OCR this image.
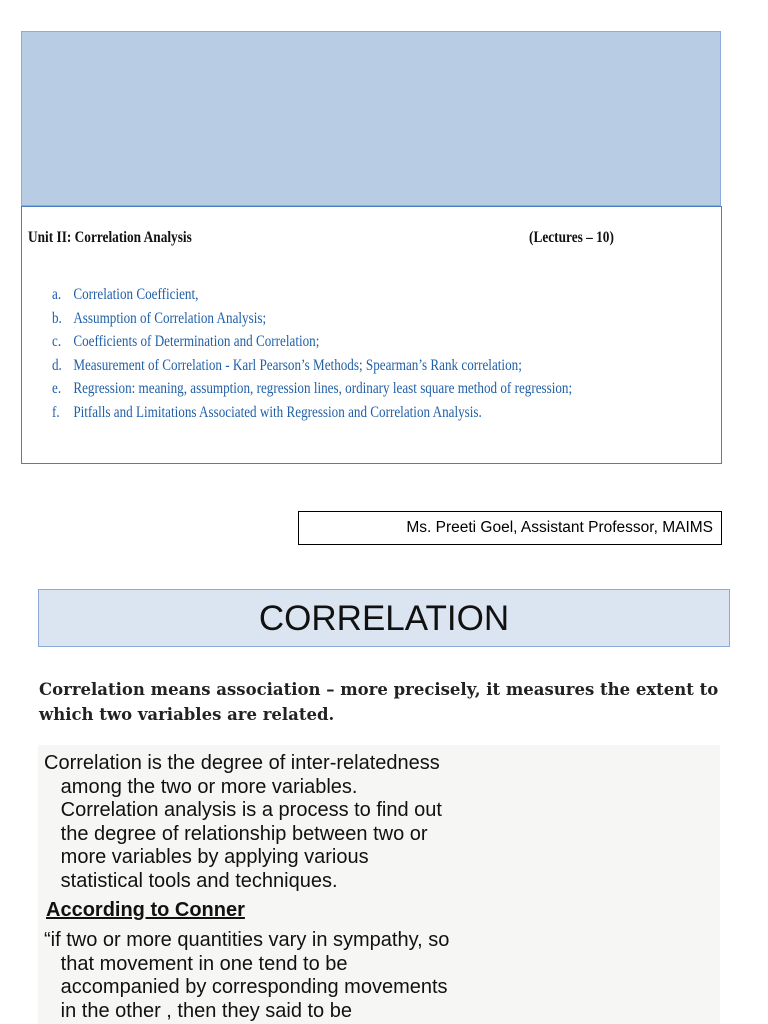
Unit II: Correlation Analysis	(Lectures – 10)
a. Correlation Coefficient,
b. Assumption of Correlation Analysis;
c. Coefficients of Determination and Correlation;
d. Measurement of Correlation - Karl Pearson’s Methods; Spearman’s Rank correlation;
e. Regression: meaning, assumption, regression lines, ordinary least square method of regression;
f. Pitfalls and Limitations Associated with Regression and Correlation Analysis.
Ms. Preeti Goel, Assistant Professor, MAIMS
CORRELATION

Correlation means association – more precisely, it measures the extent to which two variables are related.

Correlation is the degree of inter-relatedness
among the two or more variables.
Correlation analysis is a process to find out
the degree of relationship between two or
more variables by applying various
statistical tools and techniques.

According to Conner

“if two or more quantities vary in sympathy, so
that movement in one tend to be
accompanied by corresponding movements
in the other , then they said to be
